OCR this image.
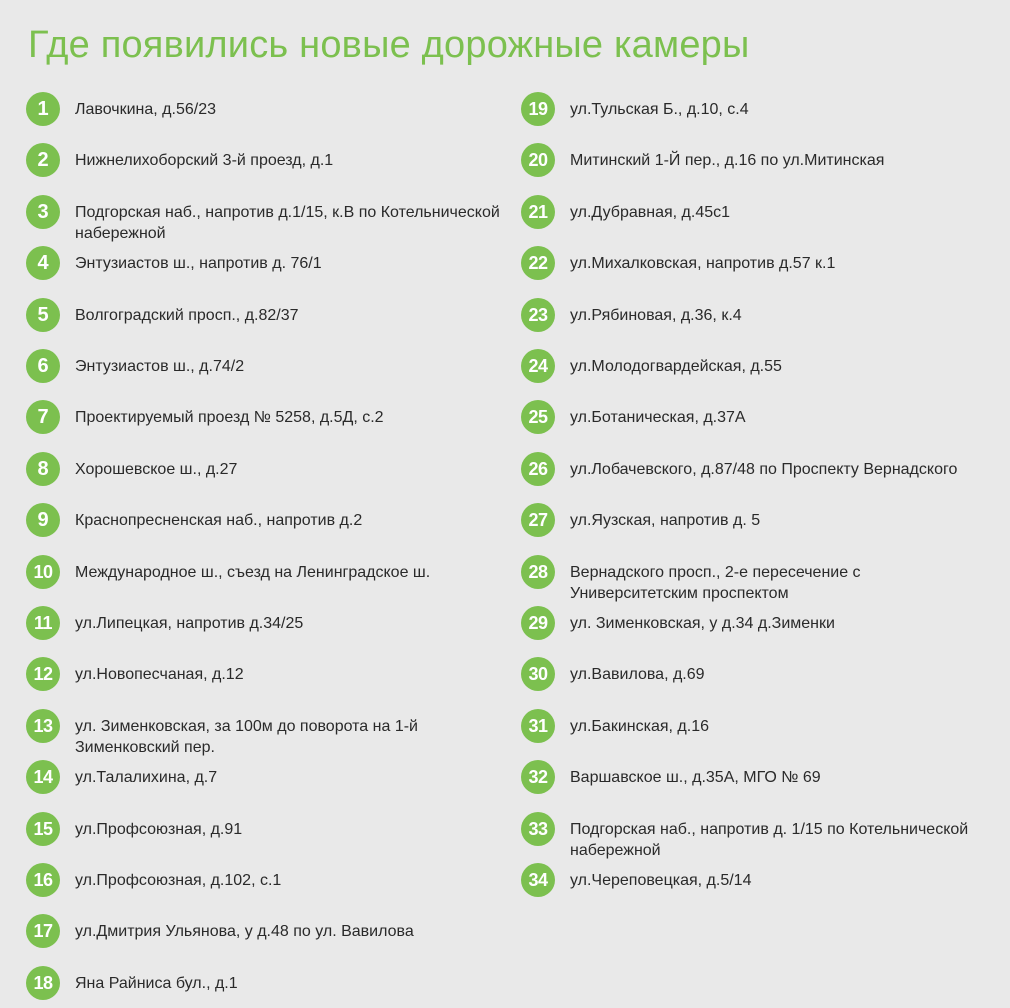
Где появились новые дорожные камеры
1	Лавочкина, д.56/23
2	Нижнелихоборский 3-й проезд, д.1
3	Подгорская наб., напротив д.1/15, к.В по Котельнической набережной
4	Энтузиастов ш., напротив д. 76/1
5	Волгоградский просп., д.82/37
6	Энтузиастов ш., д.74/2
7	Проектируемый проезд № 5258, д.5Д, с.2
8	Хорошевское ш., д.27
9	Краснопресненская наб., напротив д.2
10	Международное ш., съезд на Ленинградское ш.
11	ул.Липецкая, напротив д.34/25
12	ул.Новопесчаная, д.12
13	ул. Зименковская, за 100м до поворота на 1-й Зименковский пер.
14	ул.Талалихина, д.7
15	ул.Профсоюзная, д.91
16	ул.Профсоюзная, д.102, с.1
17	ул.Дмитрия Ульянова, у д.48 по ул. Вавилова
18	Яна Райниса бул., д.1
19	ул.Тульская Б., д.10, с.4
20	Митинский 1-Й пер., д.16 по ул.Митинская
21	ул.Дубравная, д.45с1
22	ул.Михалковская, напротив д.57 к.1
23	ул.Рябиновая, д.36, к.4
24	ул.Молодогвардейская, д.55
25	ул.Ботаническая, д.37А
26	ул.Лобачевского, д.87/48 по Проспекту Вернадского
27	ул.Яузская, напротив д. 5
28	Вернадского просп., 2-е пересечение с Университетским проспектом
29	ул. Зименковская, у д.34 д.Зименки
30	ул.Вавилова, д.69
31	ул.Бакинская, д.16
32	Варшавское ш., д.35А, МГО № 69
33	Подгорская наб., напротив д. 1/15 по Котельнической набережной
34	ул.Череповецкая, д.5/14
